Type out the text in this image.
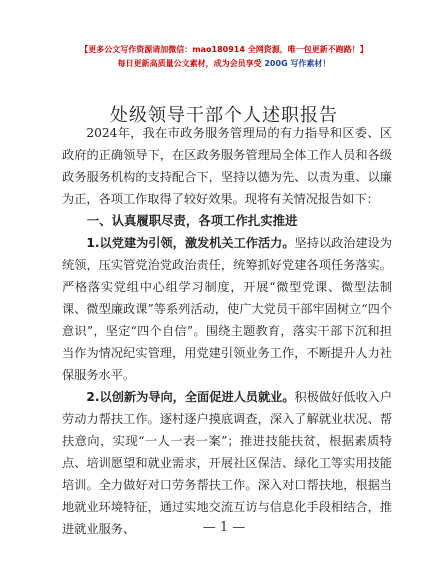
【更多公文写作资源请加微信：mao180914 全网资源，唯一包更新不跑路！】
每日更新高质量公文素材，成为会员享受 200G 写作素材！
处级领导干部个人述职报告

2024年，我在市政务服务管理局的有力指导和区委、区政府的正确领导下，在区政务服务管理局全体工作人员和各级政务服务机构的支持配合下，坚持以德为先、以责为重、以廉为正，各项工作取得了较好效果。现将有关情况报告如下：

一、认真履职尽责，各项工作扎实推进

1.以党建为引领，激发机关工作活力。坚持以政治建设为统领，压实管党治党政治责任，统筹抓好党建各项任务落实。严格落实党组中心组学习制度，开展“微型党课、微型法制课、微型廉政课”等系列活动，使广大党员干部牢固树立“四个意识”，坚定“四个自信”。围绕主题教育，落实干部下沉和担当作为情况纪实管理，用党建引领业务工作，不断提升人力社保服务水平。

2.以创新为导向，全面促进人员就业。积极做好低收入户劳动力帮扶工作。逐村逐户摸底调查，深入了解就业状况、帮扶意向，实现“一人一表一案”；推进技能扶贫，根据素质特点、培训愿望和就业需求，开展社区保洁、绿化工等实用技能培训。全力做好对口劳务帮扶工作。深入对口帮扶地，根据当地就业环境特征，通过实地交流互访与信息化手段相结合，推进就业服务、	— 1 —
